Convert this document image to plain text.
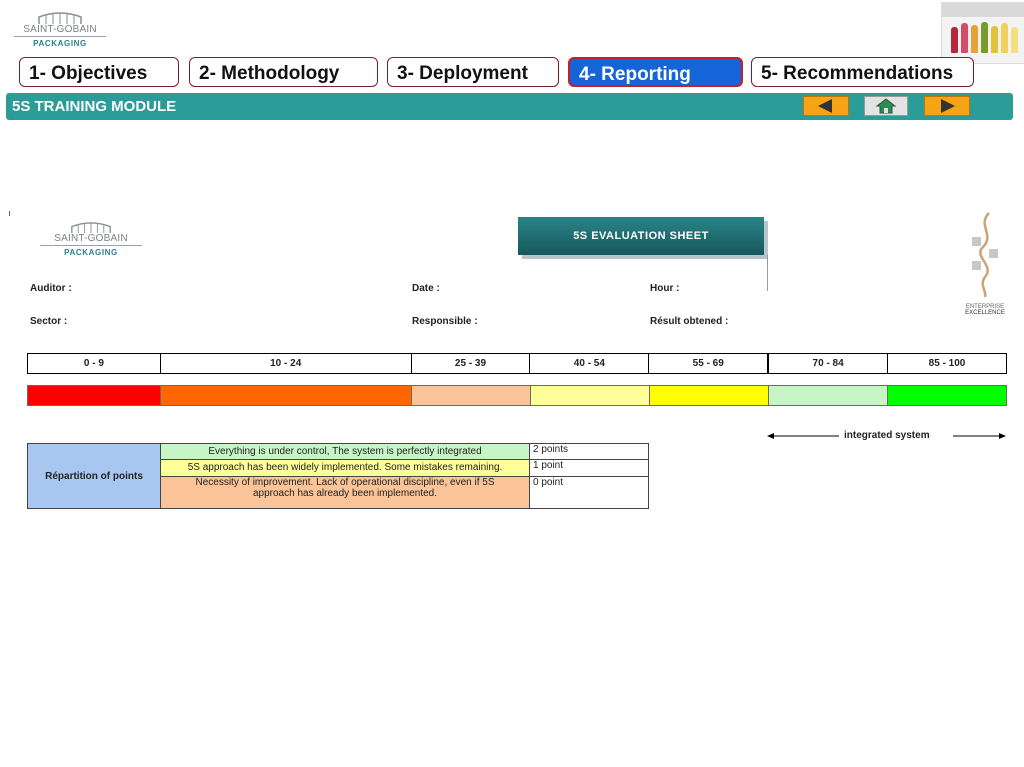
SAINT-GOBAIN
PACKAGING
1- Objectives	2- Methodology	3- Deployment	4- Reporting	5- Recommendations
5S TRAINING MODULE
SAINT-GOBAIN
PACKAGING
5S EVALUATION SHEET
ENTERPRISE
EXCELLENCE
Auditor :	Date :	Hour :
Sector :	Responsible :	Résult obtened :
0 - 9	10 - 24	25 - 39	40 - 54	55 - 69	70 - 84	85 - 100

integrated system
Répartition of points	Everything is under control, The system is perfectly integrated	2 points
	5S approach has been widely implemented. Some mistakes remaining.	1 point

	Necessity of improvement. Lack of operational discipline, even if 5S
approach has already been implemented.	0 point
